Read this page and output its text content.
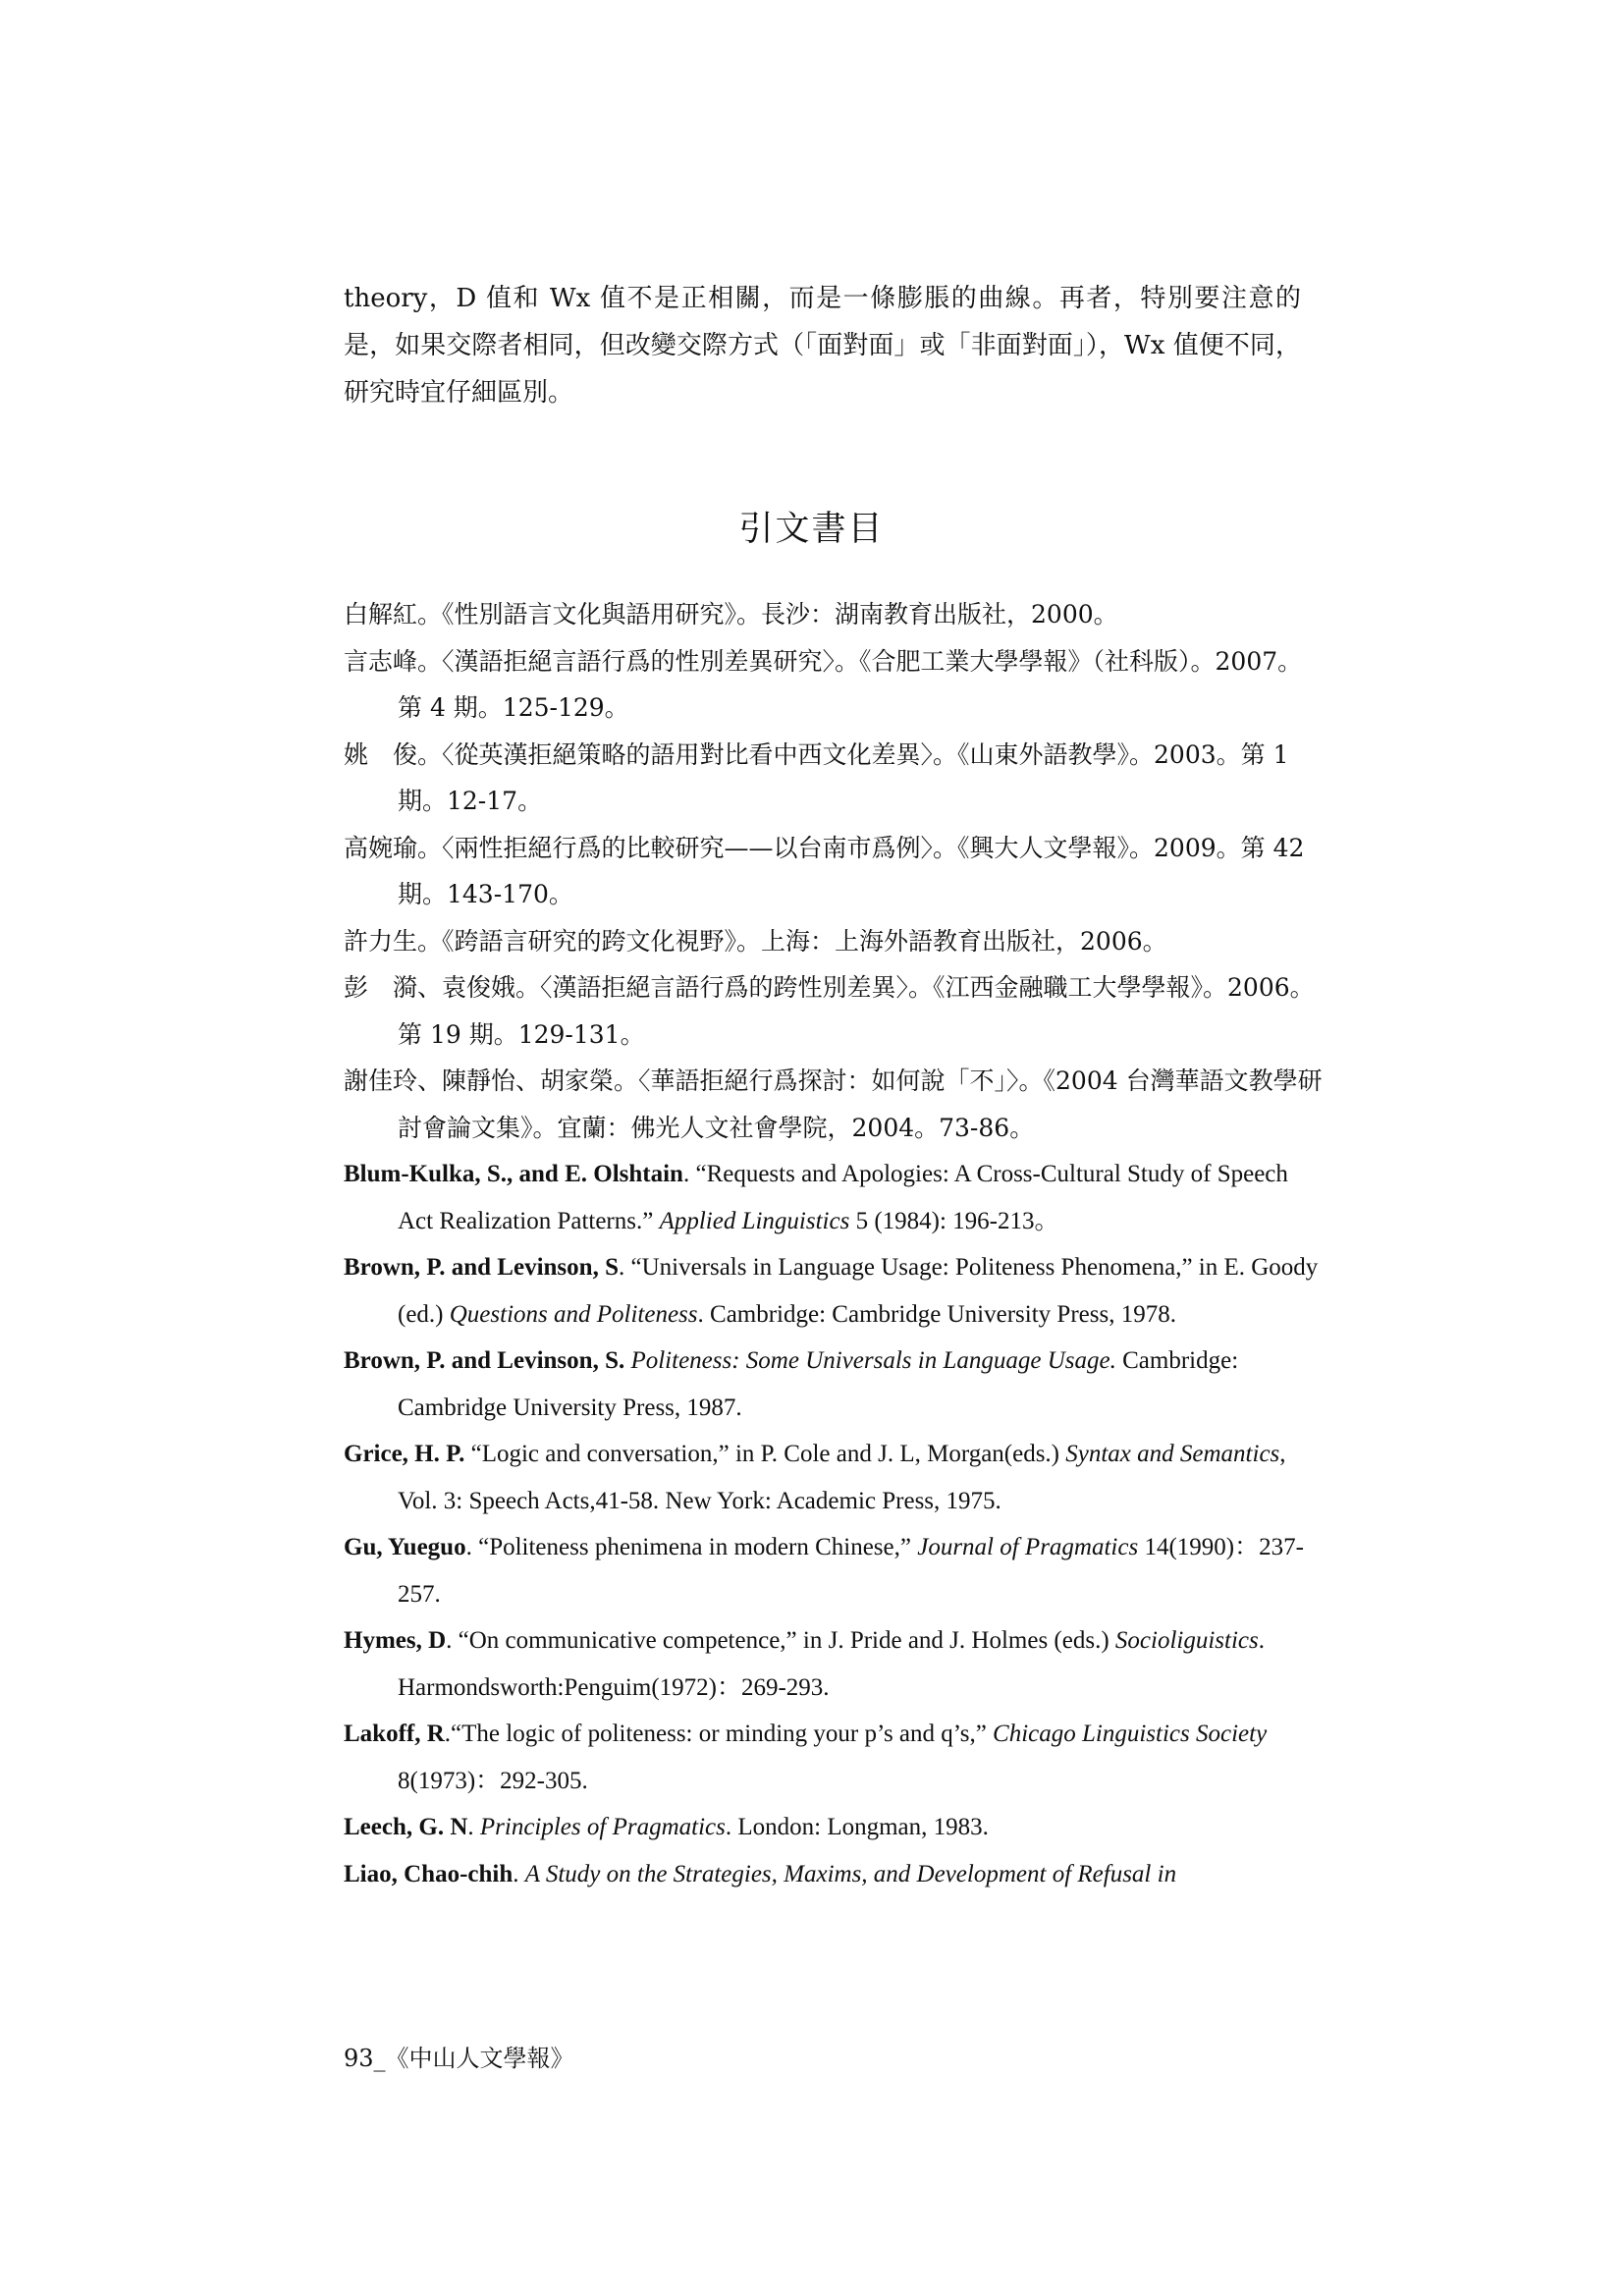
theory，D 值和 Wx 值不是正相關，而是一條膨脹的曲線。再者，特別要注意的是，如果交際者相同，但改變交際方式（「面對面」或「非面對面」），Wx 值便不同，研究時宜仔細區別。
引文書目
白解紅。《性別語言文化與語用研究》。長沙：湖南教育出版社，2000。
言志峰。〈漢語拒絕言語行爲的性別差異研究〉。《合肥工業大學學報》（社科版）。2007。第 4 期。125-129。
姚　俊。〈從英漢拒絕策略的語用對比看中西文化差異〉。《山東外語教學》。2003。第 1 期。12-17。
高婉瑜。〈兩性拒絕行爲的比較研究——以台南市爲例〉。《興大人文學報》。2009。第 42 期。143-170。
許力生。《跨語言研究的跨文化視野》。上海：上海外語教育出版社，2006。
彭　漪、袁俊娥。〈漢語拒絕言語行爲的跨性別差異〉。《江西金融職工大學學報》。2006。第 19 期。129-131。
謝佳玲、陳靜怡、胡家榮。〈華語拒絕行爲探討：如何說「不」〉。《2004 台灣華語文教學研討會論文集》。宜蘭：佛光人文社會學院，2004。73-86。
Blum-Kulka, S., and E. Olshtain. “Requests and Apologies: A Cross-Cultural Study of Speech Act Realization Patterns.” Applied Linguistics 5 (1984): 196-213。
Brown, P. and Levinson, S. “Universals in Language Usage: Politeness Phenomena,” in E. Goody (ed.) Questions and Politeness. Cambridge: Cambridge University Press, 1978.
Brown, P. and Levinson, S. Politeness: Some Universals in Language Usage. Cambridge: Cambridge University Press, 1987.
Grice, H. P. “Logic and conversation,” in P. Cole and J. L, Morgan(eds.) Syntax and Semantics, Vol. 3: Speech Acts,41-58. New York: Academic Press, 1975.
Gu, Yueguo. “Politeness phenimena in modern Chinese,” Journal of Pragmatics 14(1990)：237-257.
Hymes, D. “On communicative competence,” in J. Pride and J. Holmes (eds.) Socioliguistics. Harmondsworth:Penguim(1972)：269-293.
Lakoff, R.“The logic of politeness: or minding your p’s and q’s,” Chicago Linguistics Society 8(1973)：292-305.
Leech, G. N. Principles of Pragmatics. London: Longman, 1983.
Liao, Chao-chih. A Study on the Strategies, Maxims, and Development of Refusal in
93_《中山人文學報》
